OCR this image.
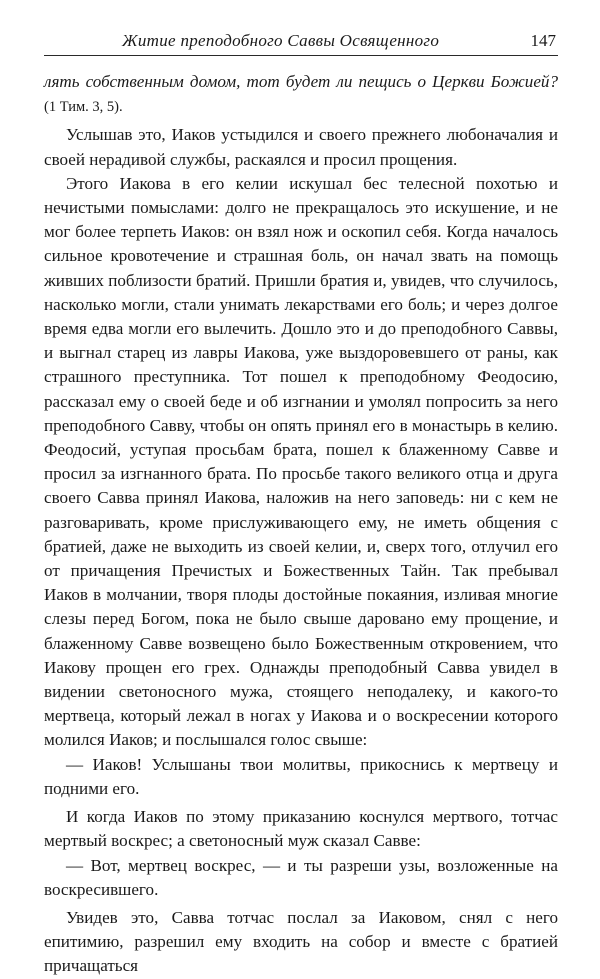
Житие преподобного Саввы Освященного	147

лять собственным домом, тот будет ли пещись о Церкви Божией? (1 Тим. 3, 5).

Услышав это, Иаков устыдился и своего прежнего любоначалия и своей нерадивой службы, раскаялся и просил прощения.

Этого Иакова в его келии искушал бес телесной похотью и нечистыми помыслами: долго не прекращалось это искушение, и не мог более терпеть Иаков: он взял нож и оскопил себя. Когда началось сильное кровотечение и страшная боль, он начал звать на помощь живших поблизости братий. Пришли братия и, увидев, что случилось, насколько могли, стали унимать лекарствами его боль; и через долгое время едва могли его вылечить. Дошло это и до преподобного Саввы, и выгнал старец из лавры Иакова, уже выздоровевшего от раны, как страшного преступника. Тот пошел к преподобному Феодосию, рассказал ему о своей беде и об изгнании и умолял попросить за него преподобного Савву, чтобы он опять принял его в монастырь в келию. Феодосий, уступая просьбам брата, пошел к блаженному Савве и просил за изгнанного брата. По просьбе такого великого отца и друга своего Савва принял Иакова, наложив на него заповедь: ни с кем не разговаривать, кроме прислуживающего ему, не иметь общения с братией, даже не выходить из своей келии, и, сверх того, отлучил его от причащения Пречистых и Божественных Тайн. Так пребывал Иаков в молчании, творя плоды достойные покаяния, изливая многие слезы перед Богом, пока не было свыше даровано ему прощение, и блаженному Савве возвещено было Божественным откровением, что Иакову прощен его грех. Однажды преподобный Савва увидел в видении светоносного мужа, стоящего неподалеку, и какого-то мертвеца, который лежал в ногах у Иакова и о воскресении которого молился Иаков; и послышался голос свыше:

— Иаков! Услышаны твои молитвы, прикоснись к мертвецу и подними его.

И когда Иаков по этому приказанию коснулся мертвого, тотчас мертвый воскрес; а светоносный муж сказал Савве:

— Вот, мертвец воскрес, — и ты разреши узы, возложенные на воскресившего.

Увидев это, Савва тотчас послал за Иаковом, снял с него епитимию, разрешил ему входить на собор и вместе с братией причащаться
